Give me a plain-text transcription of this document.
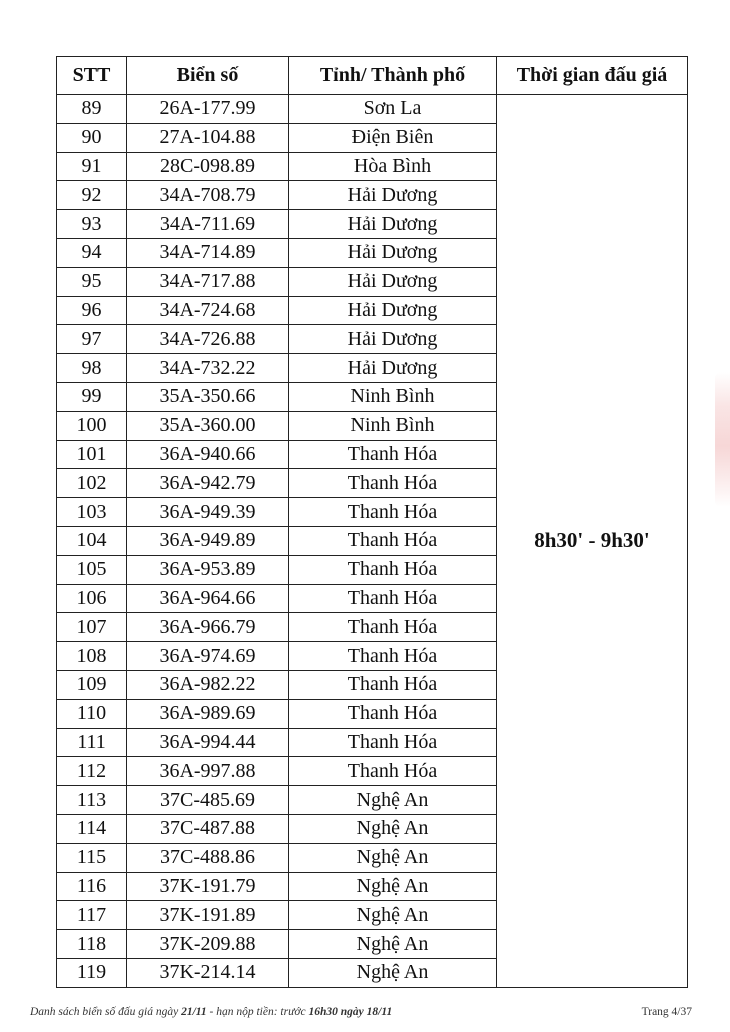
STT	Biển số	Tỉnh/ Thành phố	Thời gian đấu giá
89	26A-177.99	Sơn La	8h30' - 9h30'
90	27A-104.88	Điện Biên	
91	28C-098.89	Hòa Bình	
92	34A-708.79	Hải Dương	
93	34A-711.69	Hải Dương	
94	34A-714.89	Hải Dương	
95	34A-717.88	Hải Dương	
96	34A-724.68	Hải Dương	
97	34A-726.88	Hải Dương	
98	34A-732.22	Hải Dương	
99	35A-350.66	Ninh Bình	
100	35A-360.00	Ninh Bình	
101	36A-940.66	Thanh Hóa	
102	36A-942.79	Thanh Hóa	
103	36A-949.39	Thanh Hóa	
104	36A-949.89	Thanh Hóa	
105	36A-953.89	Thanh Hóa	
106	36A-964.66	Thanh Hóa	
107	36A-966.79	Thanh Hóa	
108	36A-974.69	Thanh Hóa	
109	36A-982.22	Thanh Hóa	
110	36A-989.69	Thanh Hóa	
111	36A-994.44	Thanh Hóa	
112	36A-997.88	Thanh Hóa	
113	37C-485.69	Nghệ An	
114	37C-487.88	Nghệ An	
115	37C-488.86	Nghệ An	
116	37K-191.79	Nghệ An	
117	37K-191.89	Nghệ An	
118	37K-209.88	Nghệ An	
119	37K-214.14	Nghệ An	
Danh sách biển số đấu giá ngày 21/11 - hạn nộp tiền: trước 16h30 ngày 18/11	Trang 4/37
